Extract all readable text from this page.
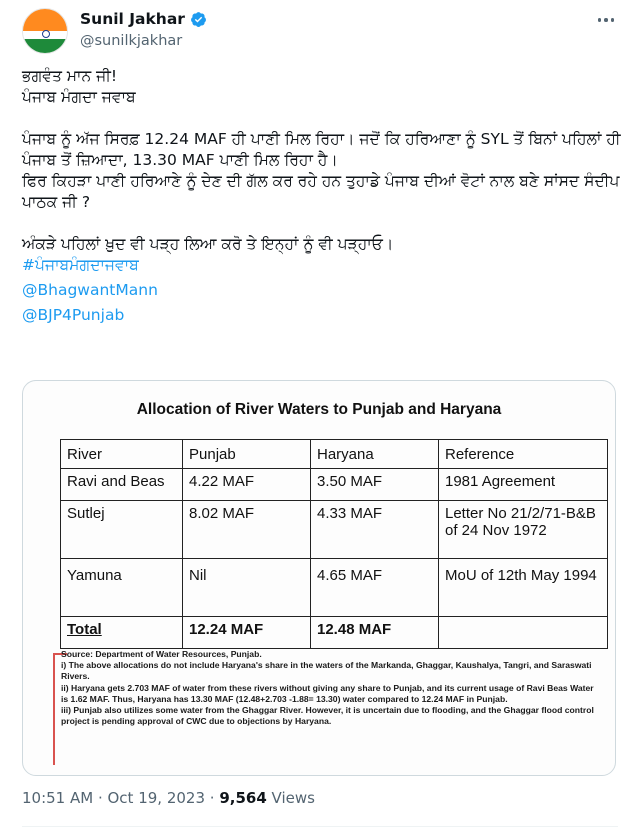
Sunil Jakhar
@sunilkjakhar

ਭਗਵੰਤ ਮਾਨ ਜੀ!

ਪੰਜਾਬ ਮੰਗਦਾ ਜਵਾਬ

ਪੰਜਾਬ ਨੂੰ ਅੱਜ ਸਿਰਫ਼ 12.24 MAF ਹੀ ਪਾਣੀ ਮਿਲ ਰਿਹਾ। ਜਦੋਂ ਕਿ ਹਰਿਆਣਾ ਨੂੰ SYL ਤੋਂ ਬਿਨਾਂ ਪਹਿਲਾਂ ਹੀ ਪੰਜਾਬ ਤੋਂ ਜ਼ਿਆਦਾ, 13.30 MAF ਪਾਣੀ ਮਿਲ ਰਿਹਾ ਹੈ।

ਫਿਰ ਕਿਹੜਾ ਪਾਣੀ ਹਰਿਆਣੇ ਨੂੰ ਦੇਣ ਦੀ ਗੱਲ ਕਰ ਰਹੇ ਹਨ ਤੁਹਾਡੇ ਪੰਜਾਬ ਦੀਆਂ ਵੋਟਾਂ ਨਾਲ ਬਣੇ ਸਾਂਸਦ ਸੰਦੀਪ ਪਾਠਕ ਜੀ ?

ਅੰਕੜੇ ਪਹਿਲਾਂ ਖ਼ੁਦ ਵੀ ਪੜ੍ਹ ਲਿਆ ਕਰੋ ਤੇ ਇਨ੍ਹਾਂ ਨੂੰ ਵੀ ਪੜ੍ਹਾਓ।

#ਪੰਜਾਬਮੰਗਦਾਜਵਾਬ
@BhagwantMann
@BJP4Punjab
Allocation of River Waters to Punjab and Haryana
River	Punjab	Haryana	Reference
Ravi and Beas	4.22 MAF	3.50 MAF	1981 Agreement
Sutlej	8.02 MAF	4.33 MAF	Letter No 21/2/71-B&B of 24 Nov 1972
Yamuna	Nil	4.65 MAF	MoU of 12th May 1994
Total	12.24 MAF	12.48 MAF	

Source: Department of Water Resources, Punjab.

i) The above allocations do not include Haryana's share in the waters of the Markanda, Ghaggar, Kaushalya, Tangri, and Saraswati Rivers.

ii) Haryana gets 2.703 MAF of water from these rivers without giving any share to Punjab, and its current usage of Ravi Beas Water is 1.62 MAF. Thus, Haryana has 13.30 MAF (12.48+2.703 -1.88= 13.30) water compared to 12.24 MAF in Punjab.

iii) Punjab also utilizes some water from the Ghaggar River. However, it is uncertain due to flooding, and the Ghaggar flood control project is pending approval of CWC due to objections by Haryana.

10:51 AM · Oct 19, 2023 · 9,564 Views
